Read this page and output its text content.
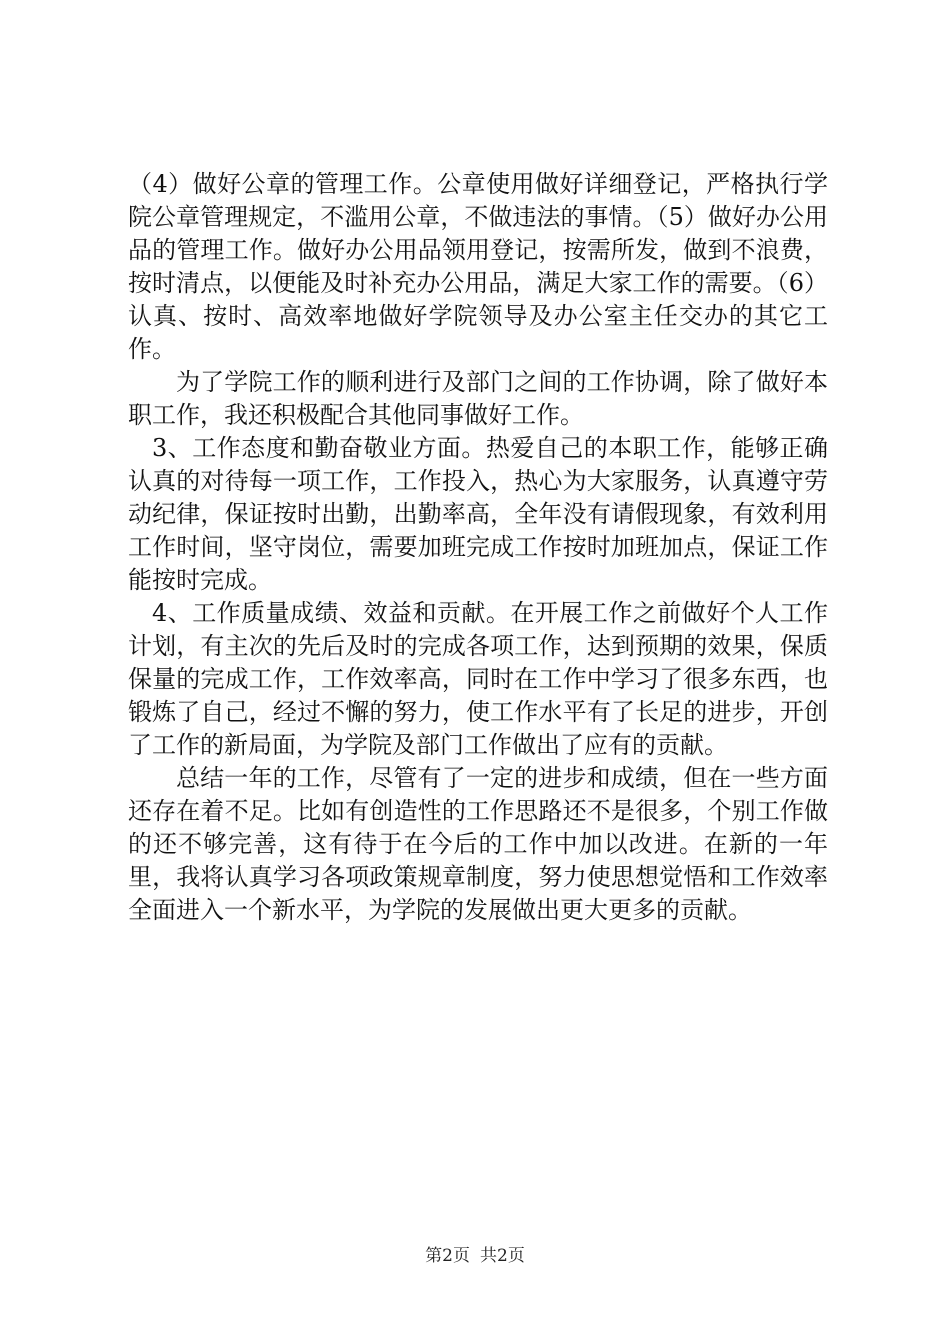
（4）做好公章的管理工作。公章使用做好详细登记，严格执行学院公章管理规定，不滥用公章，不做违法的事情。（5）做好办公用品的管理工作。做好办公用品领用登记，按需所发，做到不浪费，按时清点，以便能及时补充办公用品，满足大家工作的需要。（6）认真、按时、高效率地做好学院领导及办公室主任交办的其它工作。

为了学院工作的顺利进行及部门之间的工作协调，除了做好本职工作，我还积极配合其他同事做好工作。

3、工作态度和勤奋敬业方面。热爱自己的本职工作，能够正确认真的对待每一项工作，工作投入，热心为大家服务，认真遵守劳动纪律，保证按时出勤，出勤率高，全年没有请假现象，有效利用工作时间，坚守岗位，需要加班完成工作按时加班加点，保证工作能按时完成。

4、工作质量成绩、效益和贡献。在开展工作之前做好个人工作计划，有主次的先后及时的完成各项工作，达到预期的效果，保质保量的完成工作，工作效率高，同时在工作中学习了很多东西，也锻炼了自己，经过不懈的努力，使工作水平有了长足的进步，开创了工作的新局面，为学院及部门工作做出了应有的贡献。

总结一年的工作，尽管有了一定的进步和成绩，但在一些方面还存在着不足。比如有创造性的工作思路还不是很多，个别工作做的还不够完善，这有待于在今后的工作中加以改进。在新的一年里，我将认真学习各项政策规章制度，努力使思想觉悟和工作效率全面进入一个新水平，为学院的发展做出更大更多的贡献。

第2页 共2页
